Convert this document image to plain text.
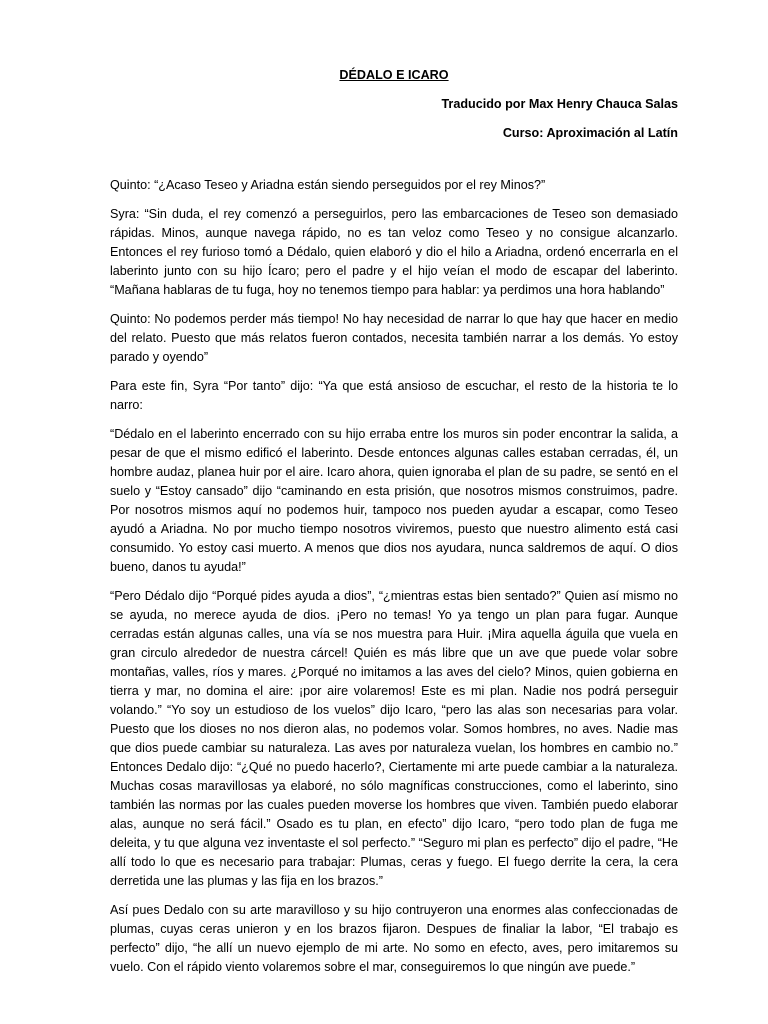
DÉDALO E ICARO
Traducido por Max Henry Chauca Salas
Curso: Aproximación al Latín

Quinto: “¿Acaso Teseo y Ariadna están siendo perseguidos por el rey Minos?”

Syra: “Sin duda, el rey comenzó a perseguirlos, pero las embarcaciones de Teseo son demasiado rápidas. Minos, aunque navega rápido, no es tan veloz como Teseo y no consigue alcanzarlo. Entonces el rey furioso tomó a Dédalo, quien elaboró y dio el hilo a Ariadna, ordenó encerrarla en el laberinto junto con su hijo Ícaro; pero el padre y el hijo veían el modo de escapar del laberinto. “Mañana hablaras de tu fuga, hoy no tenemos tiempo para hablar: ya perdimos una hora hablando”

Quinto: No podemos perder más tiempo! No hay necesidad de narrar lo que hay que hacer en medio del relato. Puesto que más relatos fueron contados, necesita también narrar a los demás. Yo estoy parado y oyendo”

Para este fin, Syra “Por tanto” dijo: “Ya que está ansioso de escuchar, el resto de la historia te lo narro:

“Dédalo en el laberinto encerrado con su hijo erraba entre los muros sin poder encontrar la salida, a pesar de que el mismo edificó el laberinto. Desde entonces algunas calles estaban cerradas, él, un hombre audaz, planea huir por el aire. Icaro ahora, quien ignoraba el plan de su padre, se sentó en el suelo y “Estoy cansado” dijo “caminando en esta prisión, que nosotros mismos construimos, padre. Por nosotros mismos aquí no podemos huir, tampoco nos pueden ayudar a escapar, como Teseo ayudó a Ariadna. No por mucho tiempo nosotros viviremos, puesto que nuestro alimento está casi consumido. Yo estoy casi muerto. A menos que dios nos ayudara, nunca saldremos de aquí. O dios bueno, danos tu ayuda!”

“Pero Dédalo dijo “Porqué pides ayuda a dios”, “¿mientras estas bien sentado?” Quien así mismo no se ayuda, no merece ayuda de dios. ¡Pero no temas! Yo ya tengo un plan para fugar. Aunque cerradas están algunas calles, una vía se nos muestra para Huir. ¡Mira aquella águila que vuela en gran circulo alrededor de nuestra cárcel! Quién es más libre que un ave que puede volar sobre montañas, valles, ríos y mares. ¿Porqué no imitamos a las aves del cielo? Minos, quien gobierna en tierra y mar, no domina el aire: ¡por aire volaremos! Este es mi plan. Nadie nos podrá perseguir volando.” “Yo soy un estudioso de los vuelos” dijo Icaro, “pero las alas son necesarias para volar. Puesto que los dioses no nos dieron alas, no podemos volar. Somos hombres, no aves. Nadie mas que dios puede cambiar su naturaleza. Las aves por naturaleza vuelan, los hombres en cambio no.” Entonces Dedalo dijo: “¿Qué no puedo hacerlo?, Ciertamente mi arte puede cambiar a la naturaleza. Muchas cosas maravillosas ya elaboré, no sólo magníficas construcciones, como el laberinto, sino también las normas por las cuales pueden moverse los hombres que viven. También puedo elaborar alas, aunque no será fácil.” Osado es tu plan, en efecto” dijo Icaro, “pero todo plan de fuga me deleita, y tu que alguna vez inventaste el sol perfecto.” “Seguro mi plan es perfecto” dijo el padre, “He allí todo lo que es necesario para trabajar: Plumas, ceras y fuego. El fuego derrite la cera, la cera derretida une las plumas y las fija en los brazos.”

Así pues Dedalo con su arte maravilloso y su hijo contruyeron una enormes alas confeccionadas de plumas, cuyas ceras unieron y en los brazos fijaron. Despues de finaliar la labor, “El trabajo es perfecto” dijo, “he allí un nuevo ejemplo de mi arte. No somo en efecto, aves, pero imitaremos su vuelo. Con el rápido viento volaremos sobre el mar, conseguiremos lo que ningún ave puede.”
